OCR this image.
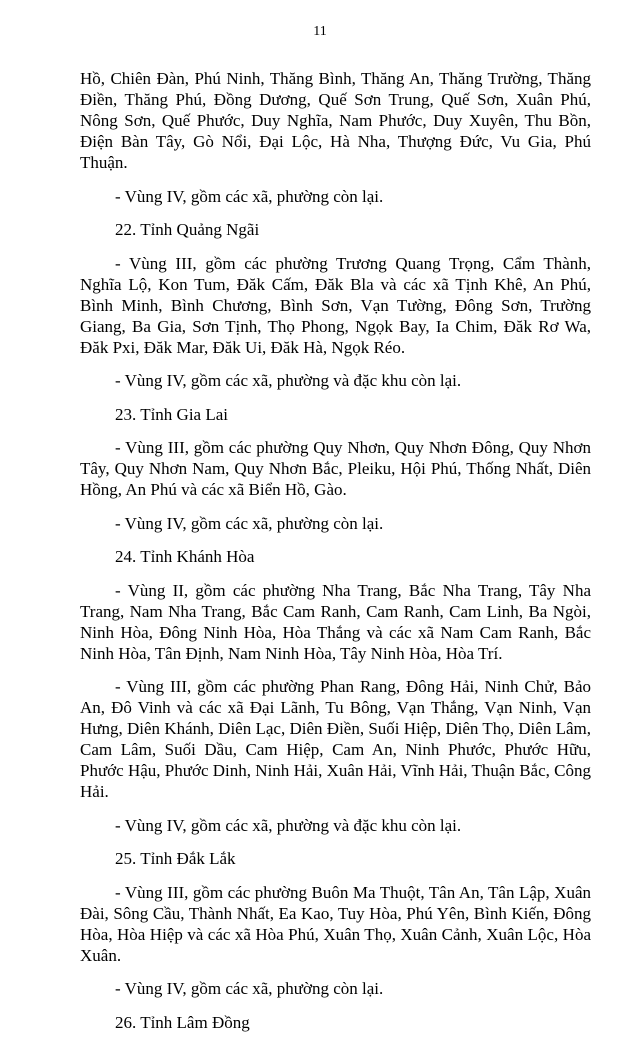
11

Hồ, Chiên Đàn, Phú Ninh, Thăng Bình, Thăng An, Thăng Trường, Thăng Điền, Thăng Phú, Đồng Dương, Quế Sơn Trung, Quế Sơn, Xuân Phú, Nông Sơn, Quế Phước, Duy Nghĩa, Nam Phước, Duy Xuyên, Thu Bồn, Điện Bàn Tây, Gò Nổi, Đại Lộc, Hà Nha, Thượng Đức, Vu Gia, Phú Thuận.

- Vùng IV, gồm các xã, phường còn lại.

22. Tỉnh Quảng Ngãi

- Vùng III, gồm các phường Trương Quang Trọng, Cẩm Thành, Nghĩa Lộ, Kon Tum, Đăk Cấm, Đăk Bla và các xã Tịnh Khê, An Phú, Bình Minh, Bình Chương, Bình Sơn, Vạn Tường, Đông Sơn, Trường Giang, Ba Gia, Sơn Tịnh, Thọ Phong, Ngọk Bay, Ia Chim, Đăk Rơ Wa, Đăk Pxi, Đăk Mar, Đăk Ui, Đăk Hà, Ngọk Réo.

- Vùng IV, gồm các xã, phường và đặc khu còn lại.

23. Tỉnh Gia Lai

- Vùng III, gồm các phường Quy Nhơn, Quy Nhơn Đông, Quy Nhơn Tây, Quy Nhơn Nam, Quy Nhơn Bắc, Pleiku, Hội Phú, Thống Nhất, Diên Hồng, An Phú và các xã Biển Hồ, Gào.

- Vùng IV, gồm các xã, phường còn lại.

24. Tỉnh Khánh Hòa

- Vùng II, gồm các phường Nha Trang, Bắc Nha Trang, Tây Nha Trang, Nam Nha Trang, Bắc Cam Ranh, Cam Ranh, Cam Linh, Ba Ngòi, Ninh Hòa, Đông Ninh Hòa, Hòa Thắng và các xã Nam Cam Ranh, Bắc Ninh Hòa, Tân Định, Nam Ninh Hòa, Tây Ninh Hòa, Hòa Trí.

- Vùng III, gồm các phường Phan Rang, Đông Hải, Ninh Chử, Bảo An, Đô Vinh và các xã Đại Lãnh, Tu Bông, Vạn Thắng, Vạn Ninh, Vạn Hưng, Diên Khánh, Diên Lạc, Diên Điền, Suối Hiệp, Diên Thọ, Diên Lâm, Cam Lâm, Suối Dầu, Cam Hiệp, Cam An, Ninh Phước, Phước Hữu, Phước Hậu, Phước Dinh, Ninh Hải, Xuân Hải, Vĩnh Hải, Thuận Bắc, Công Hải.

- Vùng IV, gồm các xã, phường và đặc khu còn lại.

25. Tỉnh Đắk Lắk

- Vùng III, gồm các phường Buôn Ma Thuột, Tân An, Tân Lập, Xuân Đài, Sông Cầu, Thành Nhất, Ea Kao, Tuy Hòa, Phú Yên, Bình Kiến, Đông Hòa, Hòa Hiệp và các xã Hòa Phú, Xuân Thọ, Xuân Cảnh, Xuân Lộc, Hòa Xuân.

- Vùng IV, gồm các xã, phường còn lại.

26. Tỉnh Lâm Đồng
